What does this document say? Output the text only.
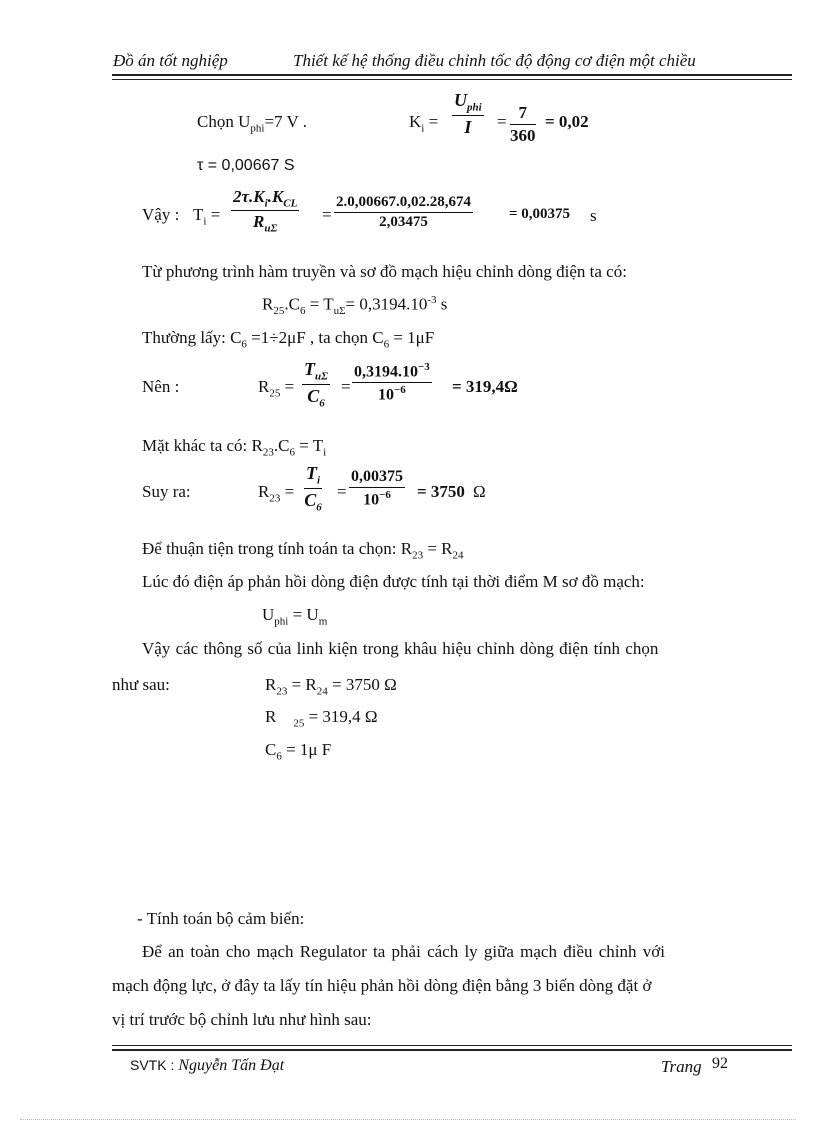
Đồ án tốt nghiệp	Thiết kế hệ thống điều chỉnh tốc độ động cơ điện một chiều
Chọn $U_{phi}=7$ V .	$K_i$ =
$U_{phi}$
I	= $\frac{7}{360} = 0,02$
τ = 0,00667 S
Vậy : $T_i$ =
$2\tau.K_i.K_{CL}$
$R_{u\Sigma}$
= $\frac{2.0,00667.0,02.28,674}{2,03475} = 0,00375$ s
Từ phương trình hàm truyền và sơ đồ mạch hiệu chỉnh dòng điện ta có:
$R_{25}.C_6 = T_{u\Sigma}= 0,3194.10^{-3}$ s
Thường lấy: $C_6 =1\div 2\mu F$ , ta chọn $C_6 = 1\mu F$
Nên :	$R_{25}$ =
$T_{u\Sigma}$
$C_6$
= $\frac{0,3194.10^{-3}}{10^{-6}} = 319,4\Omega$
Mặt khác ta có: $R_{23}.C_6 = T_i$
Suy ra:	$R_{23} = \frac{T_i}{C_6} = \frac{0,00375}{10^{-6}} = 3750$ Ω
Để thuận tiện trong tính toán ta chọn: $R_{23} = R_{24}$
Lúc đó điện áp phản hồi dòng điện được tính tại thời điểm M sơ đồ mạch:
$U_{phi} = U_m$
Vậy các thông số của linh kiện trong khâu hiệu chỉnh dòng điện tính chọn
như sau:	$R_{23} = R_{24} = 3750$ Ω
R $_{25}$ = 319,4 Ω
$C_6 = 1\mu$ F
- Tính toán bộ cảm biến:
Để an toàn cho mạch Regulator ta phải cách ly giữa mạch điều chỉnh với
mạch động lực, ở đây ta lấy tín hiệu phản hồi dòng điện bằng 3 biến dòng đặt ở
vị trí trước bộ chỉnh lưu như hình sau:
SVTK : Nguyễn Tấn Đạt	Trang 92
